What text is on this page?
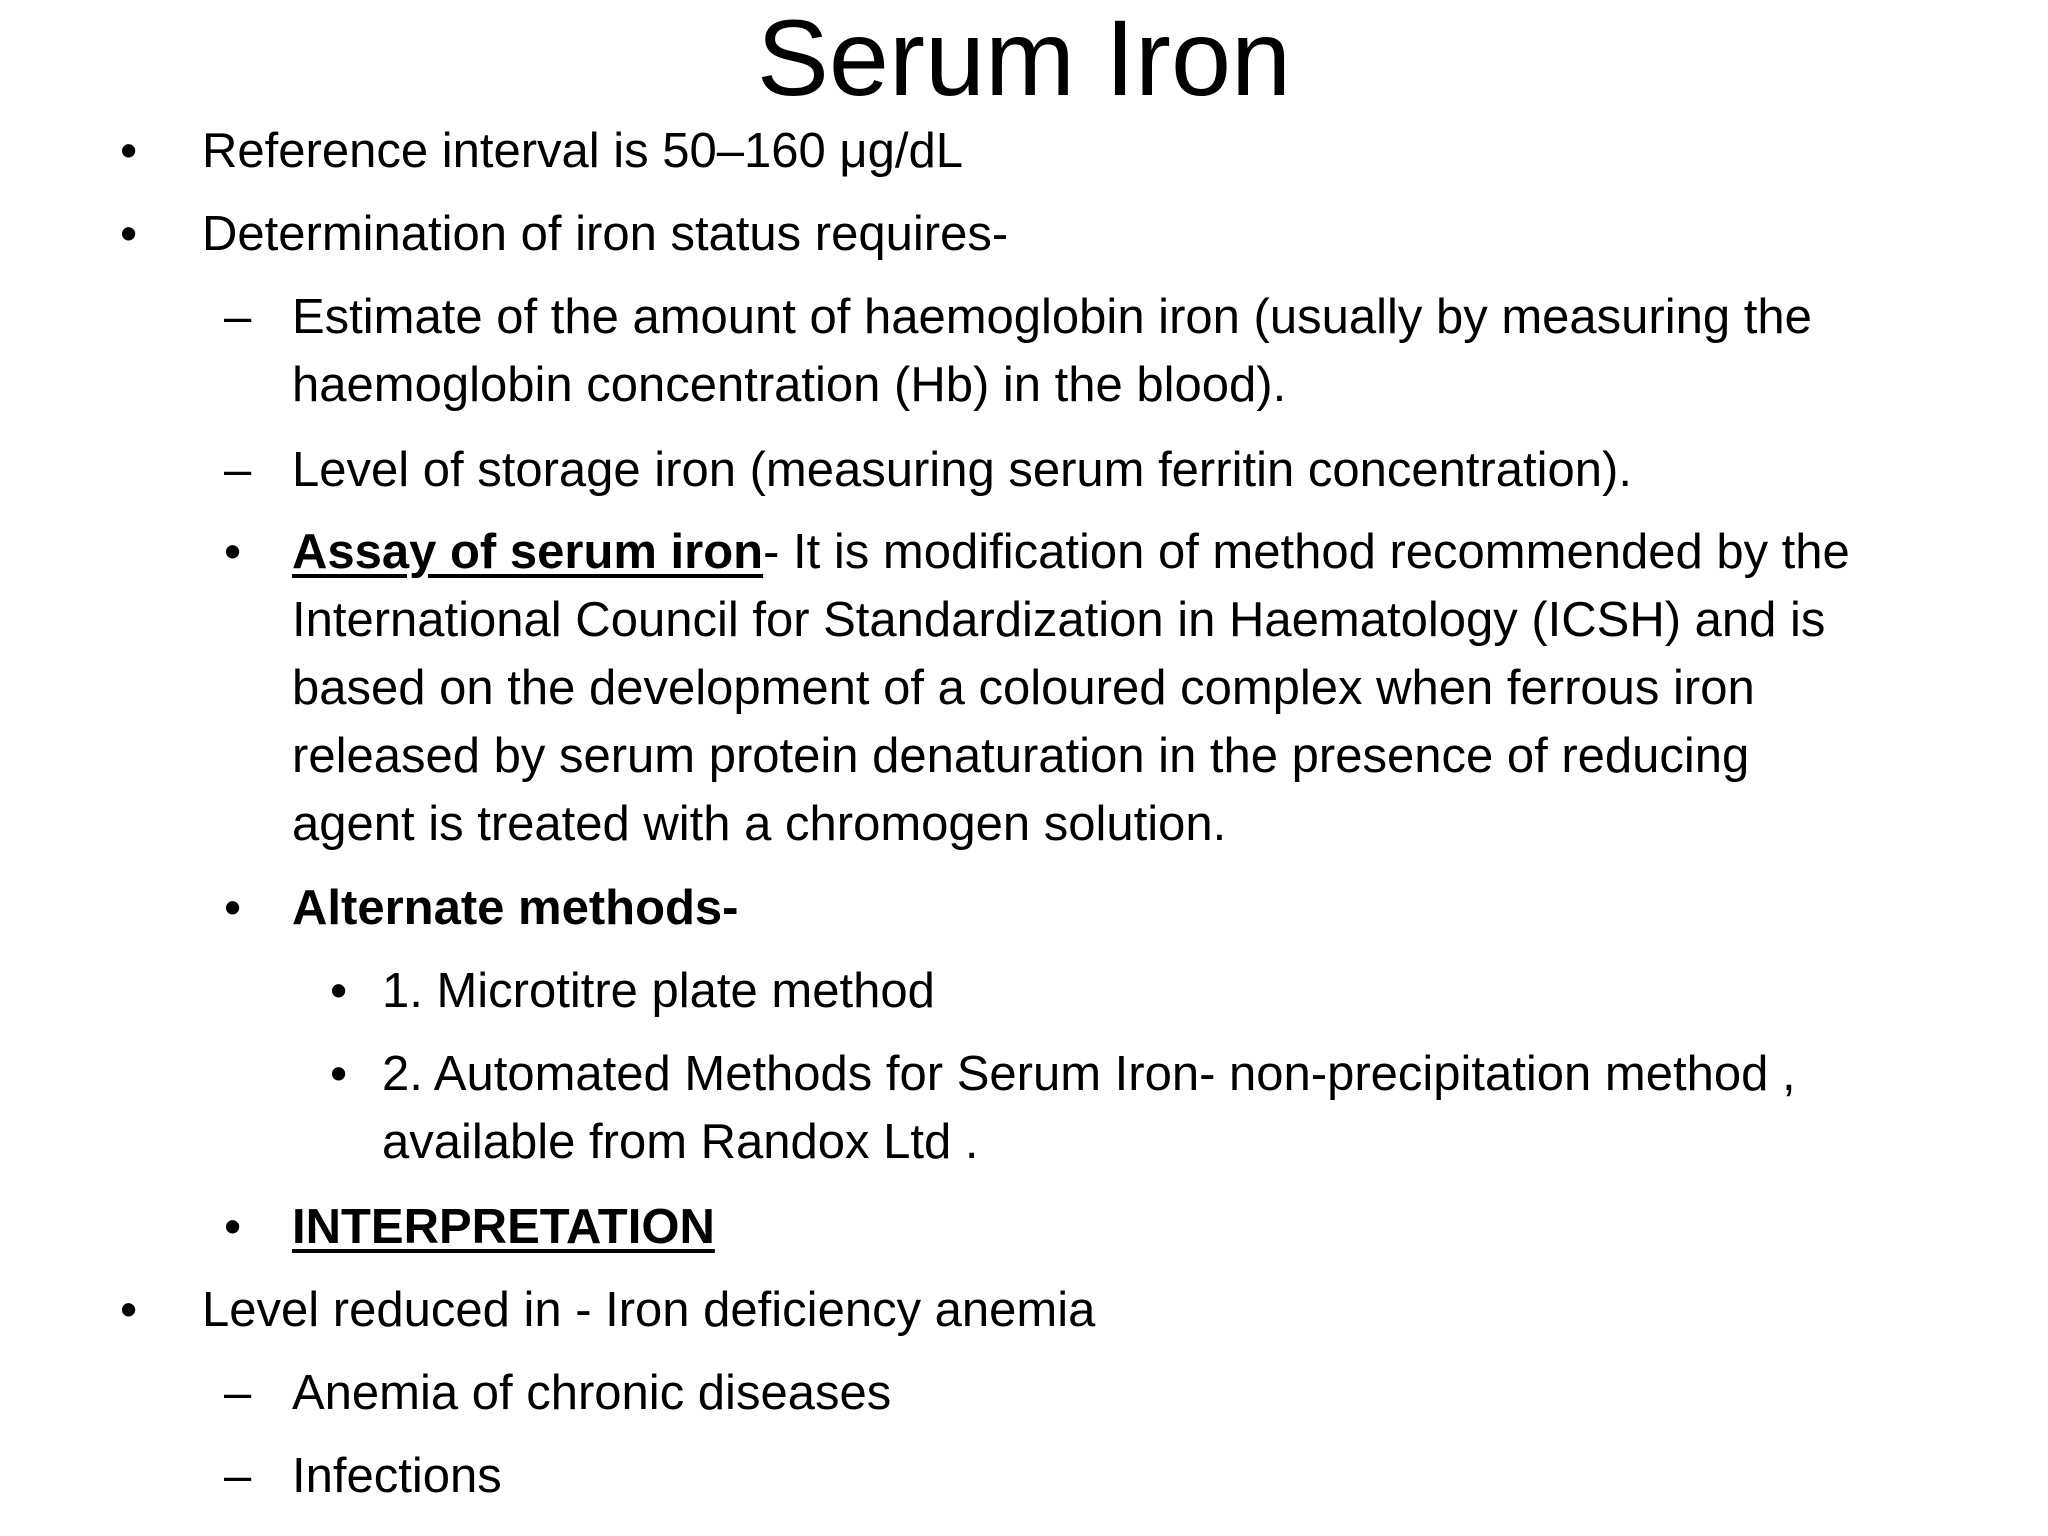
Serum Iron
• Reference interval is 50–160 μg/dL
• Determination of iron status requires-
– Estimate of the amount of haemoglobin iron (usually by measuring the
haemoglobin concentration (Hb) in the blood).
– Level of storage iron (measuring serum ferritin concentration).
• Assay of serum iron- It is modification of method recommended by the
International Council for Standardization in Haematology (ICSH) and is
based on the development of a coloured complex when ferrous iron
released by serum protein denaturation in the presence of reducing
agent is treated with a chromogen solution.
• Alternate methods-
• 1. Microtitre plate method
• 2. Automated Methods for Serum Iron- non-precipitation method ,
available from Randox Ltd .
• INTERPRETATION
• Level reduced in - Iron deficiency anemia
– Anemia of chronic diseases
– Infections
